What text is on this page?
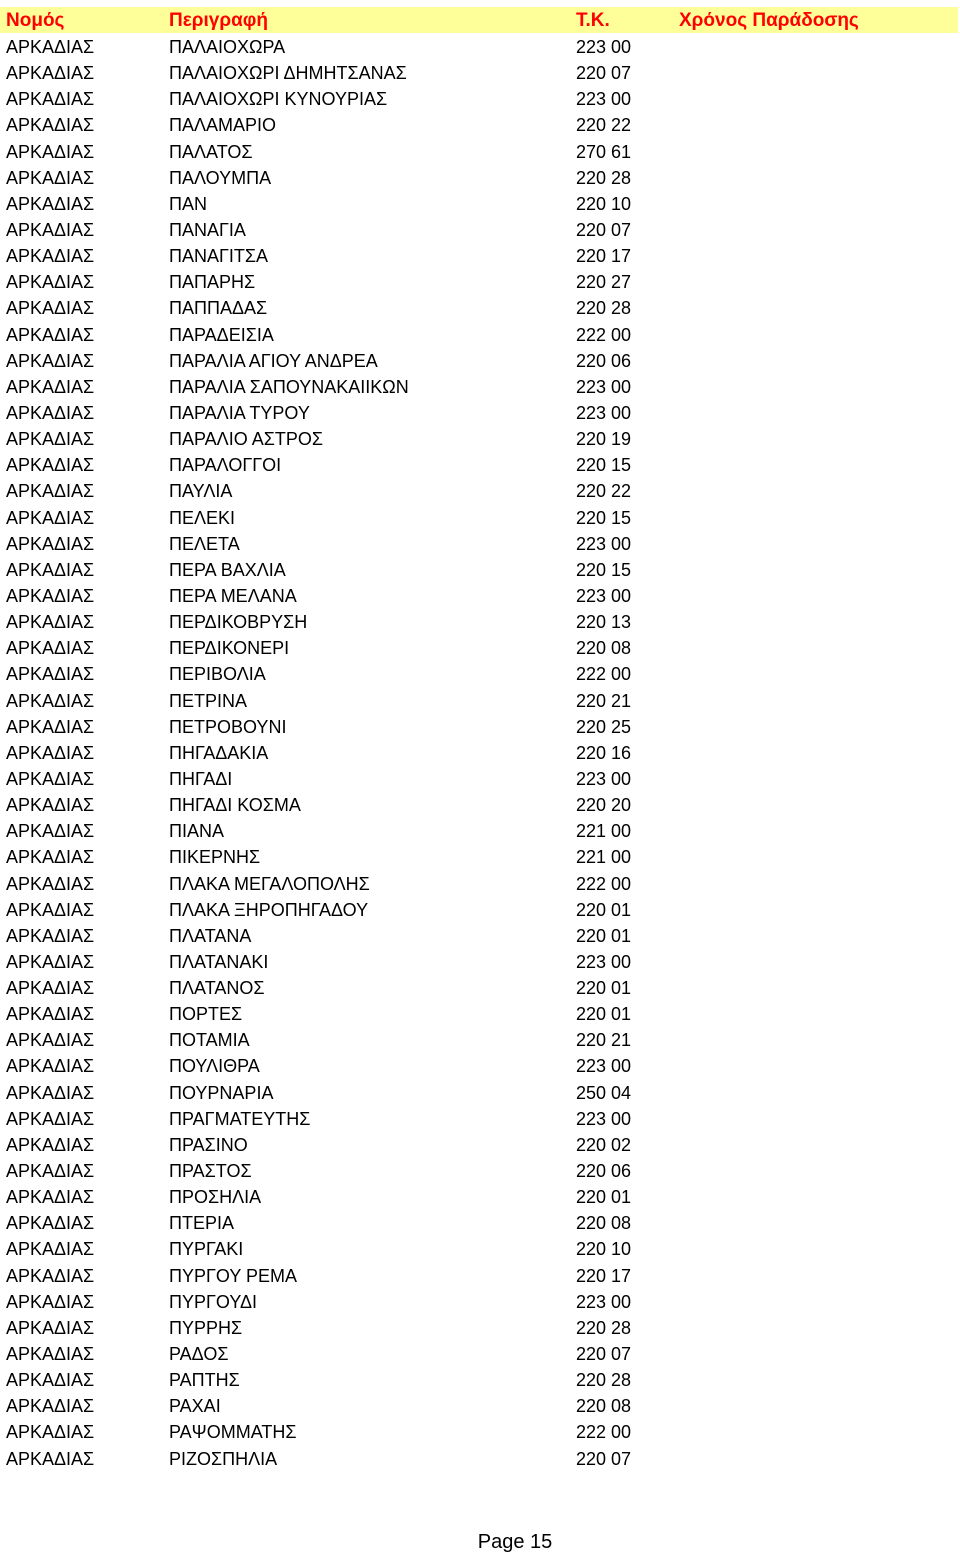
Νομός	Περιγραφή	Τ.Κ.	Χρόνος Παράδοσης
ΑΡΚΑΔΙΑΣ	ΠΑΛΑΙΟΧΩΡΑ	223 00
ΑΡΚΑΔΙΑΣ	ΠΑΛΑΙΟΧΩΡΙ ΔΗΜΗΤΣΑΝΑΣ	220 07
ΑΡΚΑΔΙΑΣ	ΠΑΛΑΙΟΧΩΡΙ ΚΥΝΟΥΡΙΑΣ	223 00
ΑΡΚΑΔΙΑΣ	ΠΑΛΑΜΑΡΙΟ	220 22
ΑΡΚΑΔΙΑΣ	ΠΑΛΑΤΟΣ	270 61
ΑΡΚΑΔΙΑΣ	ΠΑΛΟΥΜΠΑ	220 28
ΑΡΚΑΔΙΑΣ	ΠΑΝ	220 10
ΑΡΚΑΔΙΑΣ	ΠΑΝΑΓΙΑ	220 07
ΑΡΚΑΔΙΑΣ	ΠΑΝΑΓΙΤΣΑ	220 17
ΑΡΚΑΔΙΑΣ	ΠΑΠΑΡΗΣ	220 27
ΑΡΚΑΔΙΑΣ	ΠΑΠΠΑΔΑΣ	220 28
ΑΡΚΑΔΙΑΣ	ΠΑΡΑΔΕΙΣΙΑ	222 00
ΑΡΚΑΔΙΑΣ	ΠΑΡΑΛΙΑ ΑΓΙΟΥ ΑΝΔΡΕΑ	220 06
ΑΡΚΑΔΙΑΣ	ΠΑΡΑΛΙΑ ΣΑΠΟΥΝΑΚΑΙΙΚΩΝ	223 00
ΑΡΚΑΔΙΑΣ	ΠΑΡΑΛΙΑ ΤΥΡΟΥ	223 00
ΑΡΚΑΔΙΑΣ	ΠΑΡΑΛΙΟ ΑΣΤΡΟΣ	220 19
ΑΡΚΑΔΙΑΣ	ΠΑΡΑΛΟΓΓΟΙ	220 15
ΑΡΚΑΔΙΑΣ	ΠΑΥΛΙΑ	220 22
ΑΡΚΑΔΙΑΣ	ΠΕΛΕΚΙ	220 15
ΑΡΚΑΔΙΑΣ	ΠΕΛΕΤΑ	223 00
ΑΡΚΑΔΙΑΣ	ΠΕΡΑ ΒΑΧΛΙΑ	220 15
ΑΡΚΑΔΙΑΣ	ΠΕΡΑ ΜΕΛΑΝΑ	223 00
ΑΡΚΑΔΙΑΣ	ΠΕΡΔΙΚΟΒΡΥΣΗ	220 13
ΑΡΚΑΔΙΑΣ	ΠΕΡΔΙΚΟΝΕΡΙ	220 08
ΑΡΚΑΔΙΑΣ	ΠΕΡΙΒΟΛΙΑ	222 00
ΑΡΚΑΔΙΑΣ	ΠΕΤΡΙΝΑ	220 21
ΑΡΚΑΔΙΑΣ	ΠΕΤΡΟΒΟΥΝΙ	220 25
ΑΡΚΑΔΙΑΣ	ΠΗΓΑΔΑΚΙΑ	220 16
ΑΡΚΑΔΙΑΣ	ΠΗΓΑΔΙ	223 00
ΑΡΚΑΔΙΑΣ	ΠΗΓΑΔΙ ΚΟΣΜΑ	220 20
ΑΡΚΑΔΙΑΣ	ΠΙΑΝΑ	221 00
ΑΡΚΑΔΙΑΣ	ΠΙΚΕΡΝΗΣ	221 00
ΑΡΚΑΔΙΑΣ	ΠΛΑΚΑ ΜΕΓΑΛΟΠΟΛΗΣ	222 00
ΑΡΚΑΔΙΑΣ	ΠΛΑΚΑ ΞΗΡΟΠΗΓΑΔΟΥ	220 01
ΑΡΚΑΔΙΑΣ	ΠΛΑΤΑΝΑ	220 01
ΑΡΚΑΔΙΑΣ	ΠΛΑΤΑΝΑΚΙ	223 00
ΑΡΚΑΔΙΑΣ	ΠΛΑΤΑΝΟΣ	220 01
ΑΡΚΑΔΙΑΣ	ΠΟΡΤΕΣ	220 01
ΑΡΚΑΔΙΑΣ	ΠΟΤΑΜΙΑ	220 21
ΑΡΚΑΔΙΑΣ	ΠΟΥΛΙΘΡΑ	223 00
ΑΡΚΑΔΙΑΣ	ΠΟΥΡΝΑΡΙΑ	250 04
ΑΡΚΑΔΙΑΣ	ΠΡΑΓΜΑΤΕΥΤΗΣ	223 00
ΑΡΚΑΔΙΑΣ	ΠΡΑΣΙΝΟ	220 02
ΑΡΚΑΔΙΑΣ	ΠΡΑΣΤΟΣ	220 06
ΑΡΚΑΔΙΑΣ	ΠΡΟΣΗΛΙΑ	220 01
ΑΡΚΑΔΙΑΣ	ΠΤΕΡΙΑ	220 08
ΑΡΚΑΔΙΑΣ	ΠΥΡΓΑΚΙ	220 10
ΑΡΚΑΔΙΑΣ	ΠΥΡΓΟΥ ΡΕΜΑ	220 17
ΑΡΚΑΔΙΑΣ	ΠΥΡΓΟΥΔΙ	223 00
ΑΡΚΑΔΙΑΣ	ΠΥΡΡΗΣ	220 28
ΑΡΚΑΔΙΑΣ	ΡΑΔΟΣ	220 07
ΑΡΚΑΔΙΑΣ	ΡΑΠΤΗΣ	220 28
ΑΡΚΑΔΙΑΣ	ΡΑΧΑΙ	220 08
ΑΡΚΑΔΙΑΣ	ΡΑΨΟΜΜΑΤΗΣ	222 00
ΑΡΚΑΔΙΑΣ	ΡΙΖΟΣΠΗΛΙΑ	220 07
Page 15
